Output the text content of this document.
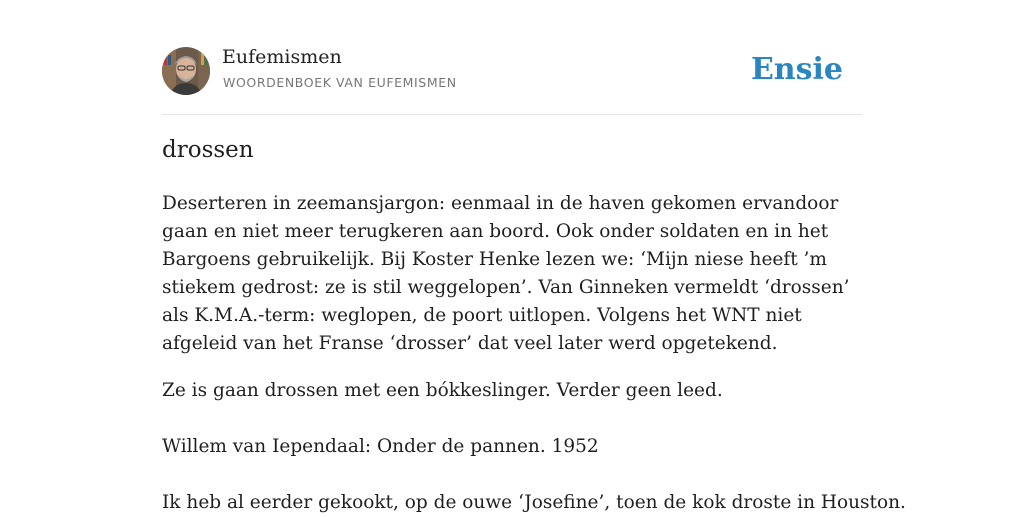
Eufemismen
WOORDENBOEK VAN EUFEMISMEN	Ensie
drossen

Deserteren in zeemansjargon: eenmaal in de haven gekomen ervandoor gaan en niet meer terugkeren aan boord. Ook onder soldaten en in het Bargoens gebruikelijk. Bij Koster Henke lezen we: ‘Mijn niese heeft ’m stiekem gedrost: ze is stil weggelopen’. Van Ginneken vermeldt ‘drossen’ als K.M.A.-term: weglopen, de poort uitlopen. Volgens het WNT niet afgeleid van het Franse ‘drosser’ dat veel later werd opgetekend.

Ze is gaan drossen met een bókkeslinger. Verder geen leed.

Willem van Iependaal: Onder de pannen. 1952

Ik heb al eerder gekookt, op de ouwe ‘Josefine’, toen de kok droste in Houston.
